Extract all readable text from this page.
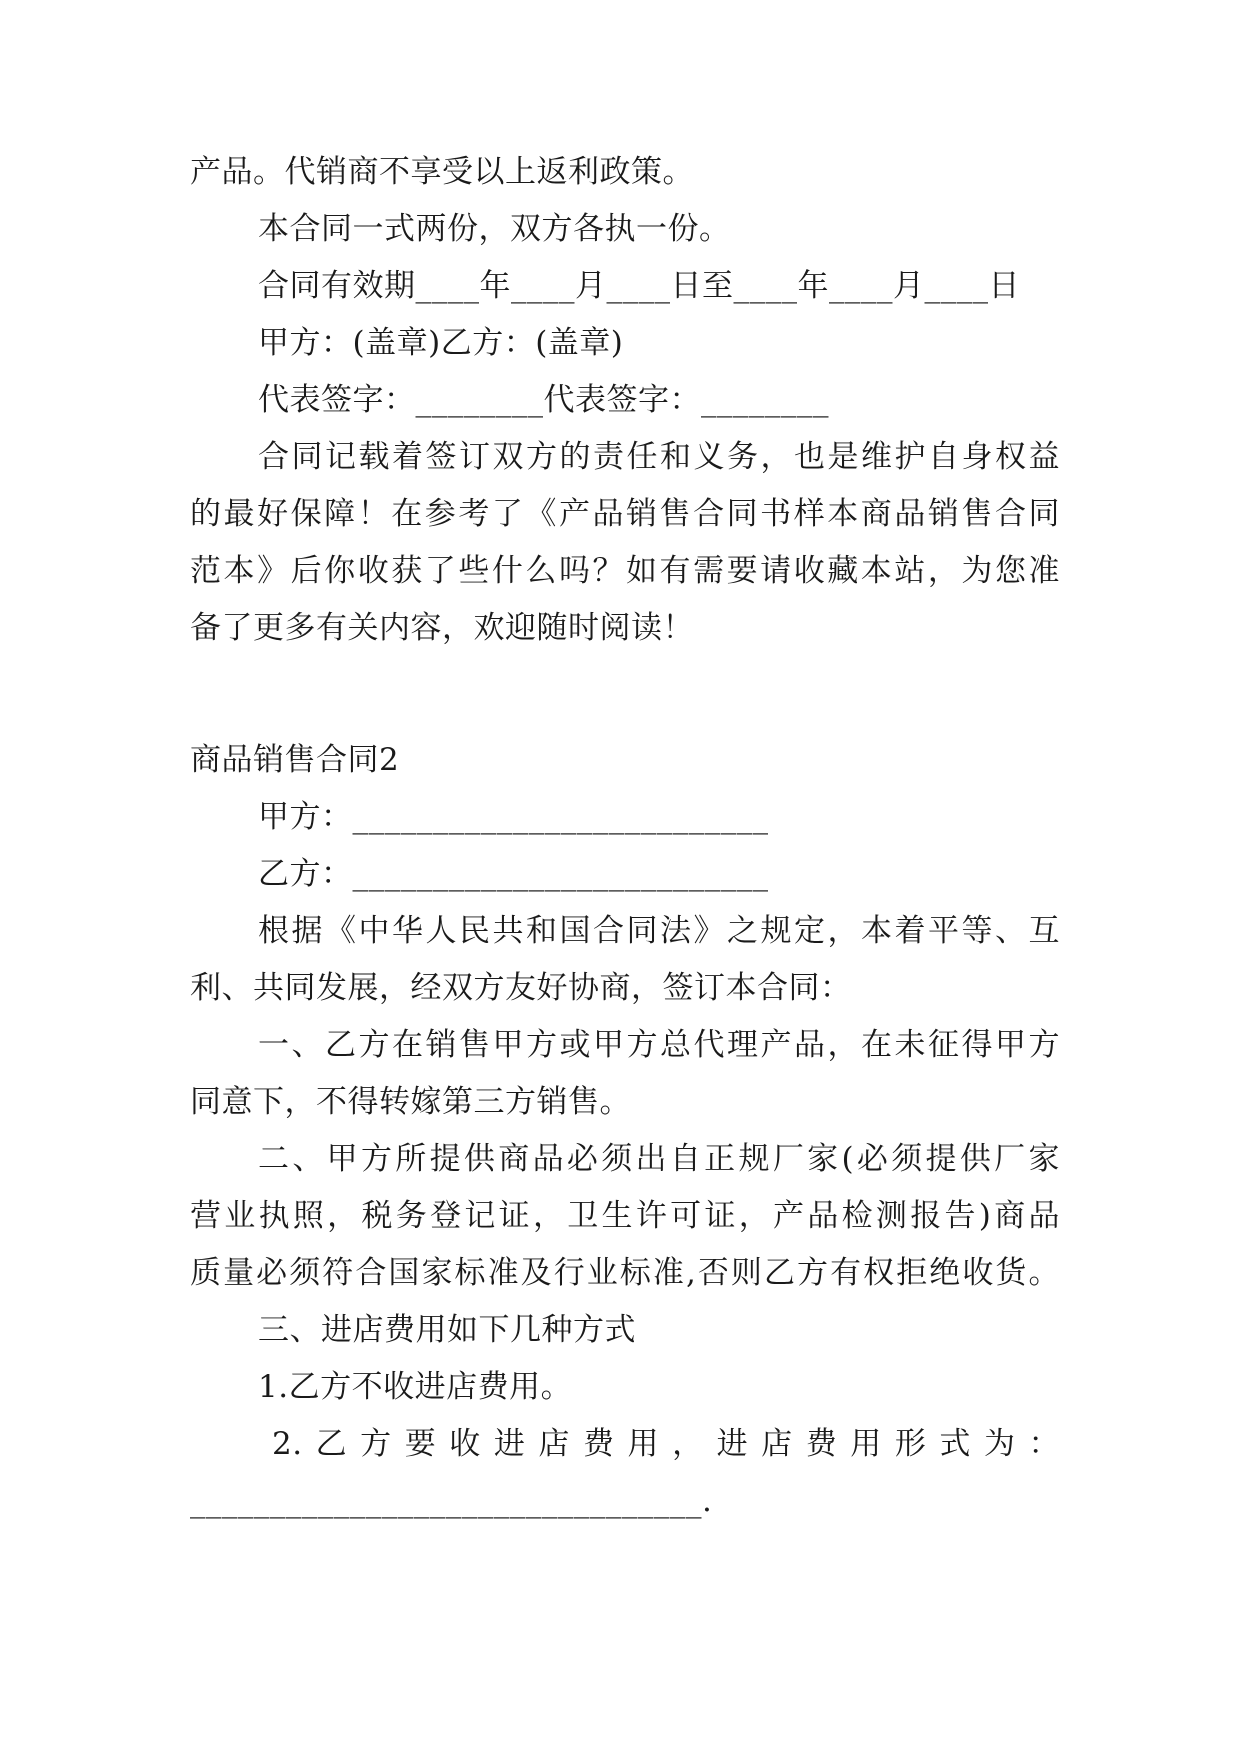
产品。代销商不享受以上返利政策。
本合同一式两份，双方各执一份。
合同有效期____年____月____日至____年____月____日
甲方：(盖章)乙方：(盖章)
代表签字：________代表签字：________
合同记载着签订双方的责任和义务，也是维护自身权益
的最好保障！在参考了《产品销售合同书样本商品销售合同
范本》后你收获了些什么吗？如有需要请收藏本站，为您准
备了更多有关内容，欢迎随时阅读！
商品销售合同2
甲方：__________________________
乙方：__________________________
根据《中华人民共和国合同法》之规定，本着平等、互
利、共同发展，经双方友好协商，签订本合同：
一、乙方在销售甲方或甲方总代理产品，在未征得甲方
同意下，不得转嫁第三方销售。
二、甲方所提供商品必须出自正规厂家(必须提供厂家
营业执照，税务登记证，卫生许可证，产品检测报告)商品
质量必须符合国家标准及行业标准,否则乙方有权拒绝收货。
三、进店费用如下几种方式
1.乙方不收进店费用。
2.乙方要收进店费用，进店费用形式为：
________________________________.
